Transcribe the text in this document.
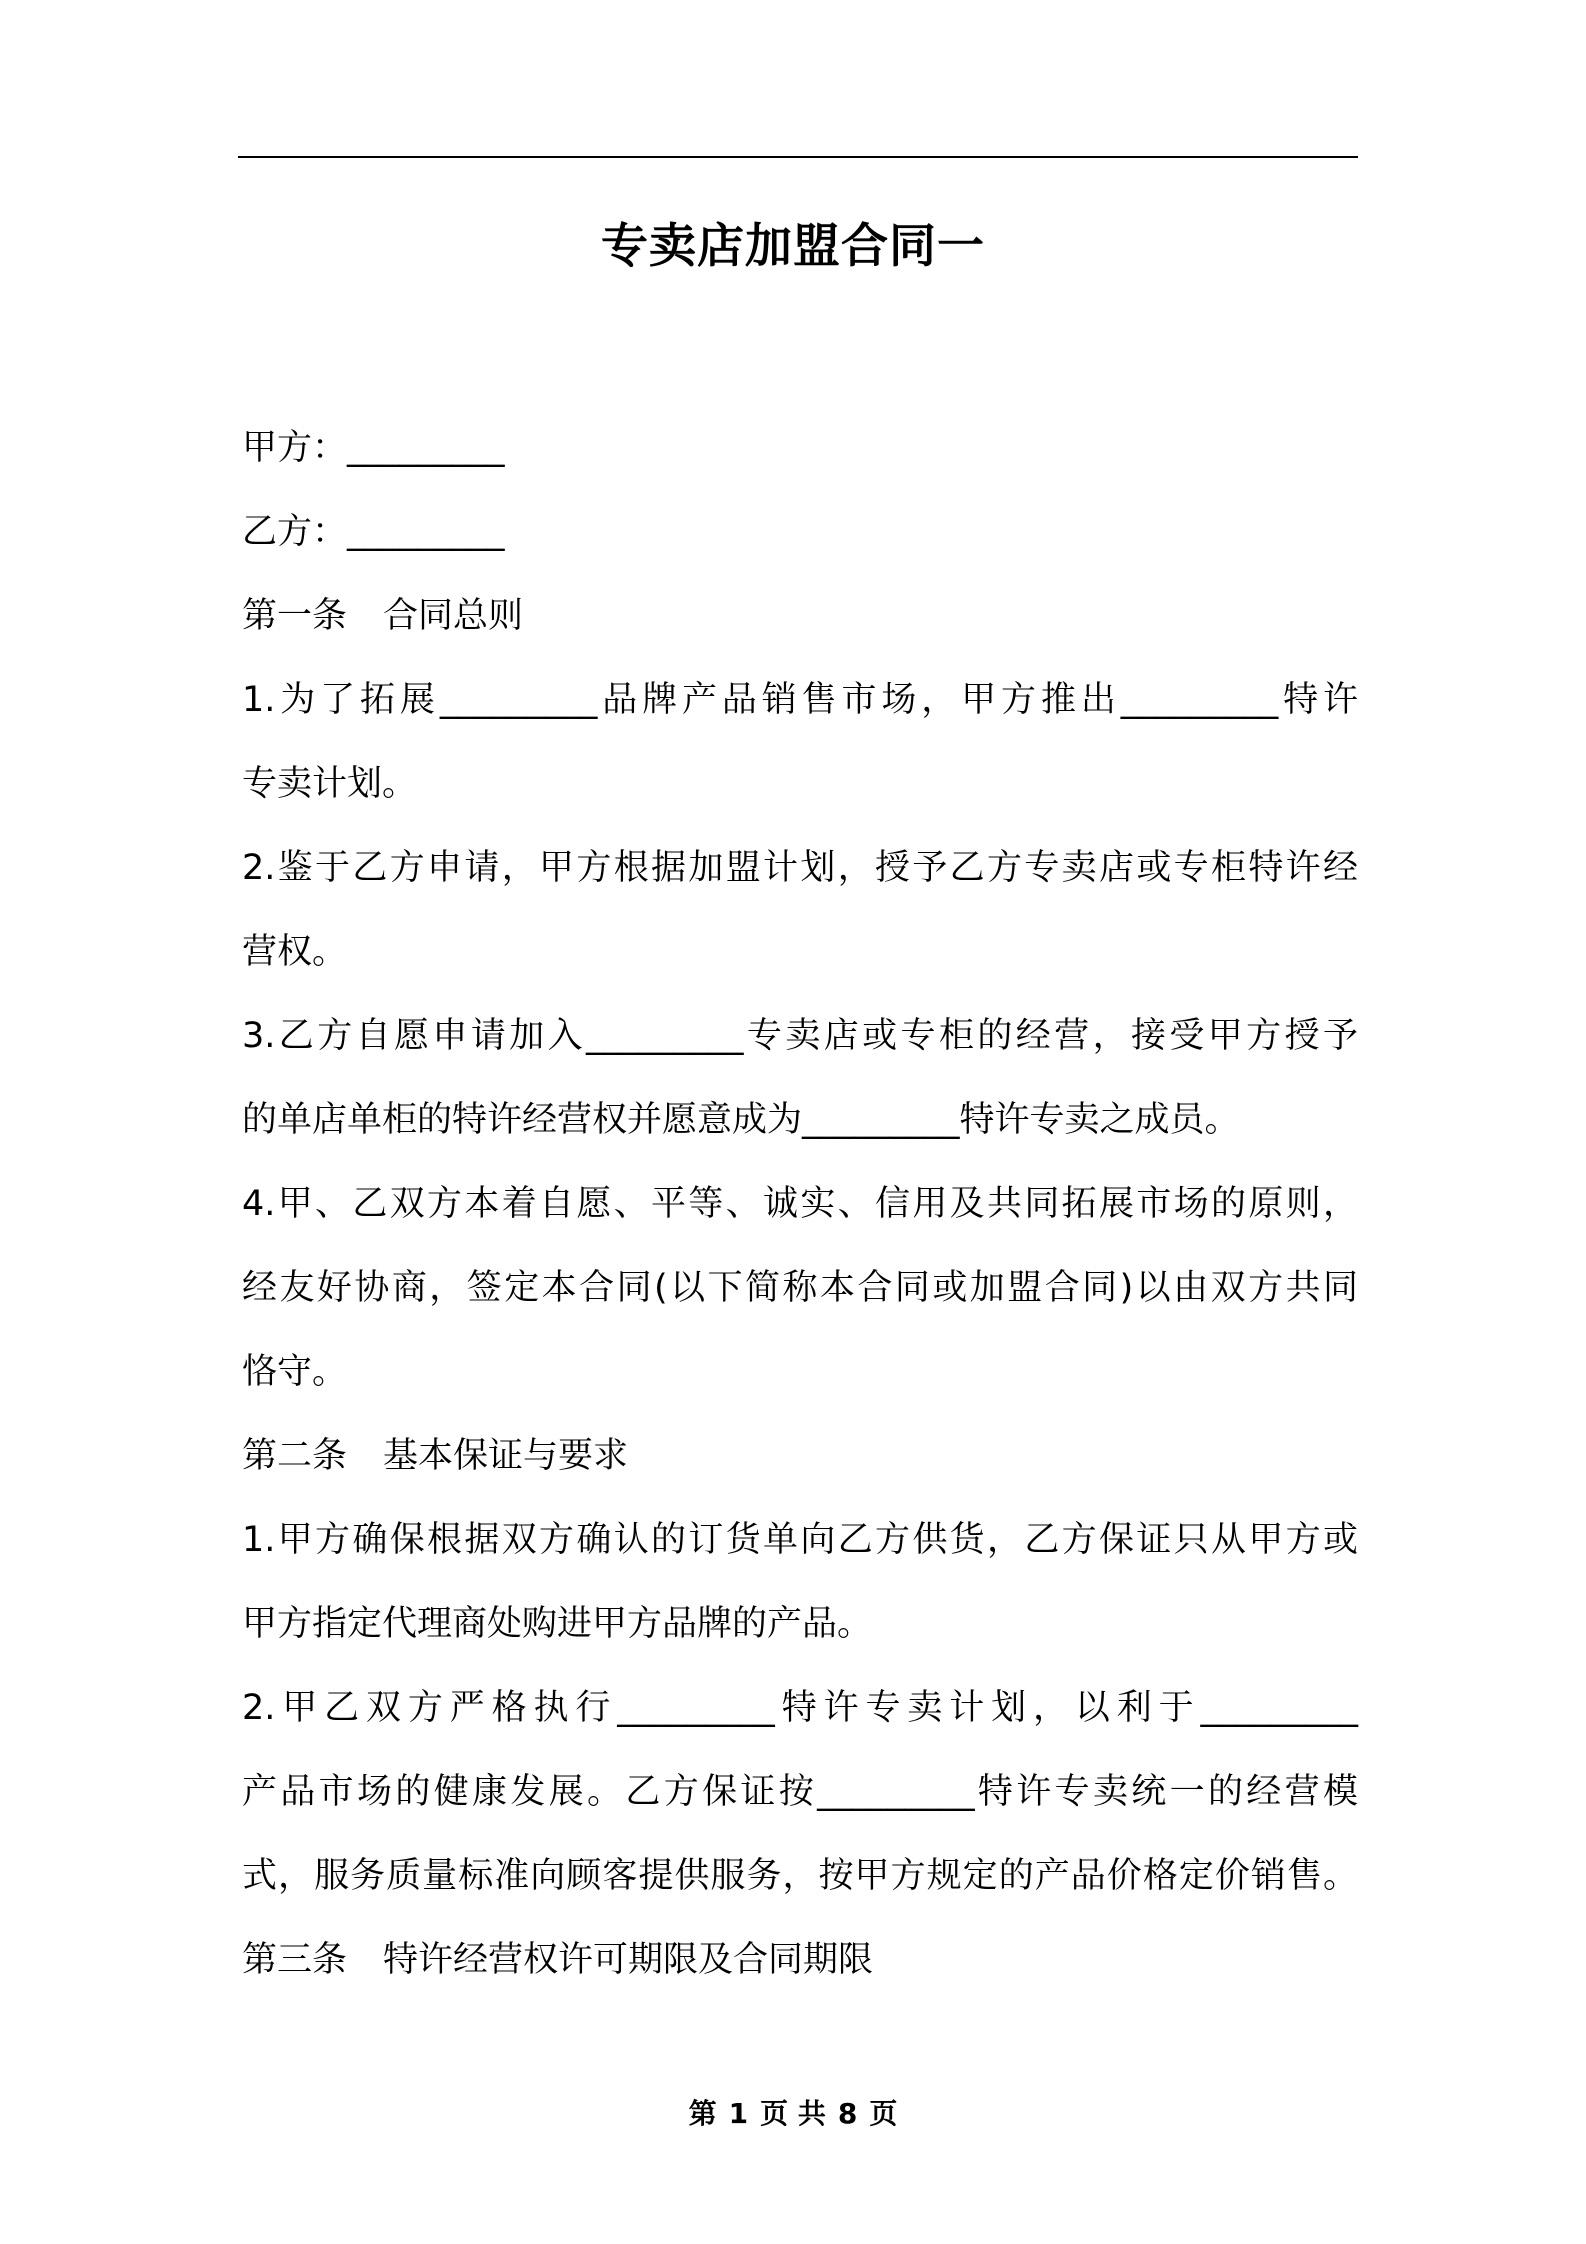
专卖店加盟合同一
甲方：_________
乙方：_________
第一条 合同总则
1.为了拓展_________品牌产品销售市场，甲方推出_________特许
专卖计划。
2.鉴于乙方申请，甲方根据加盟计划，授予乙方专卖店或专柜特许经
营权。
3.乙方自愿申请加入_________专卖店或专柜的经营，接受甲方授予
的单店单柜的特许经营权并愿意成为_________特许专卖之成员。
4.甲、乙双方本着自愿、平等、诚实、信用及共同拓展市场的原则，
经友好协商，签定本合同(以下简称本合同或加盟合同)以由双方共同
恪守。
第二条 基本保证与要求
1.甲方确保根据双方确认的订货单向乙方供货，乙方保证只从甲方或
甲方指定代理商处购进甲方品牌的产品。
2.甲乙双方严格执行_________特许专卖计划，以利于_________
产品市场的健康发展。乙方保证按_________特许专卖统一的经营模
式，服务质量标准向顾客提供服务，按甲方规定的产品价格定价销售。
第三条 特许经营权许可期限及合同期限
第 1 页 共 8 页
